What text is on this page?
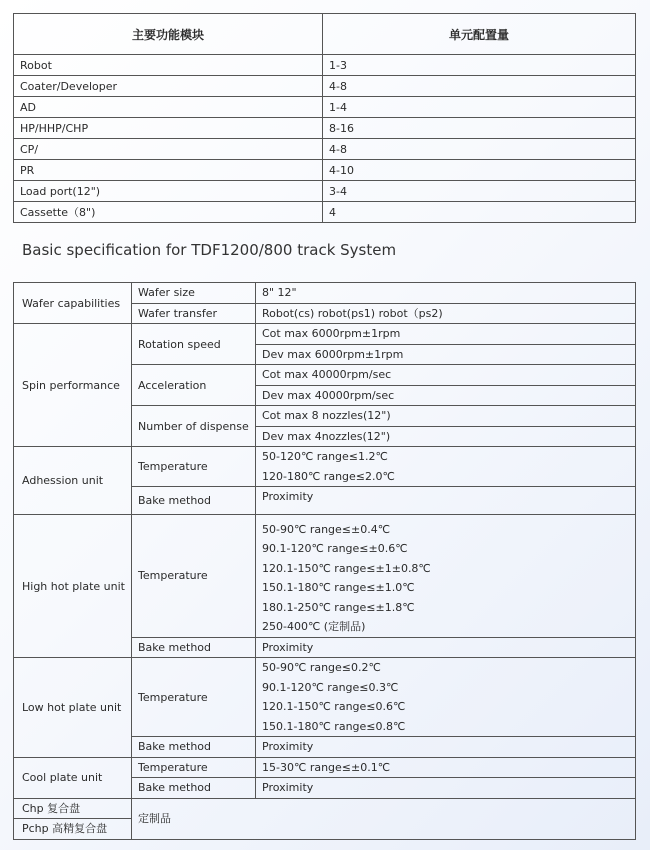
主要功能模块	单元配置量
Robot	1-3
Coater/Developer	4-8
AD	1-4
HP/HHP/CHP	8-16
CP/	4-8
PR	4-10
Load port(12")	3-4
Cassette（8")	4
Basic specification for TDF1200/800 track System
Wafer capabilities	Wafer size	8" 12"
	Wafer transfer	Robot(cs) robot(ps1) robot（ps2)
Spin performance	Rotation speed	Cot max 6000rpm±1rpm
		Dev max 6000rpm±1rpm
	Acceleration	Cot max 40000rpm/sec
		Dev max 40000rpm/sec
	Number of dispense	Cot max 8 nozzles(12")
		Dev max 4nozzles(12")
Adhession unit	Temperature	50-120℃ range≤1.2℃
		120-180℃ range≤2.0℃
	Bake method	Proximity
High hot plate unit	Temperature	50-90℃ range≤±0.4℃
		90.1-120℃ range≤±0.6℃
		120.1-150℃ range≤±1±0.8℃
		150.1-180℃ range≤±1.0℃
		180.1-250℃ range≤±1.8℃
		250-400℃ (定制品)
	Bake method	Proximity
Low hot plate unit	Temperature	50-90℃ range≤0.2℃
		90.1-120℃ range≤0.3℃
		120.1-150℃ range≤0.6℃
		150.1-180℃ range≤0.8℃
	Bake method	Proximity
Cool plate unit	Temperature	15-30℃ range≤±0.1℃
	Bake method	Proximity
Chp 复合盘	定制品	
Pchp 高精复合盘		
